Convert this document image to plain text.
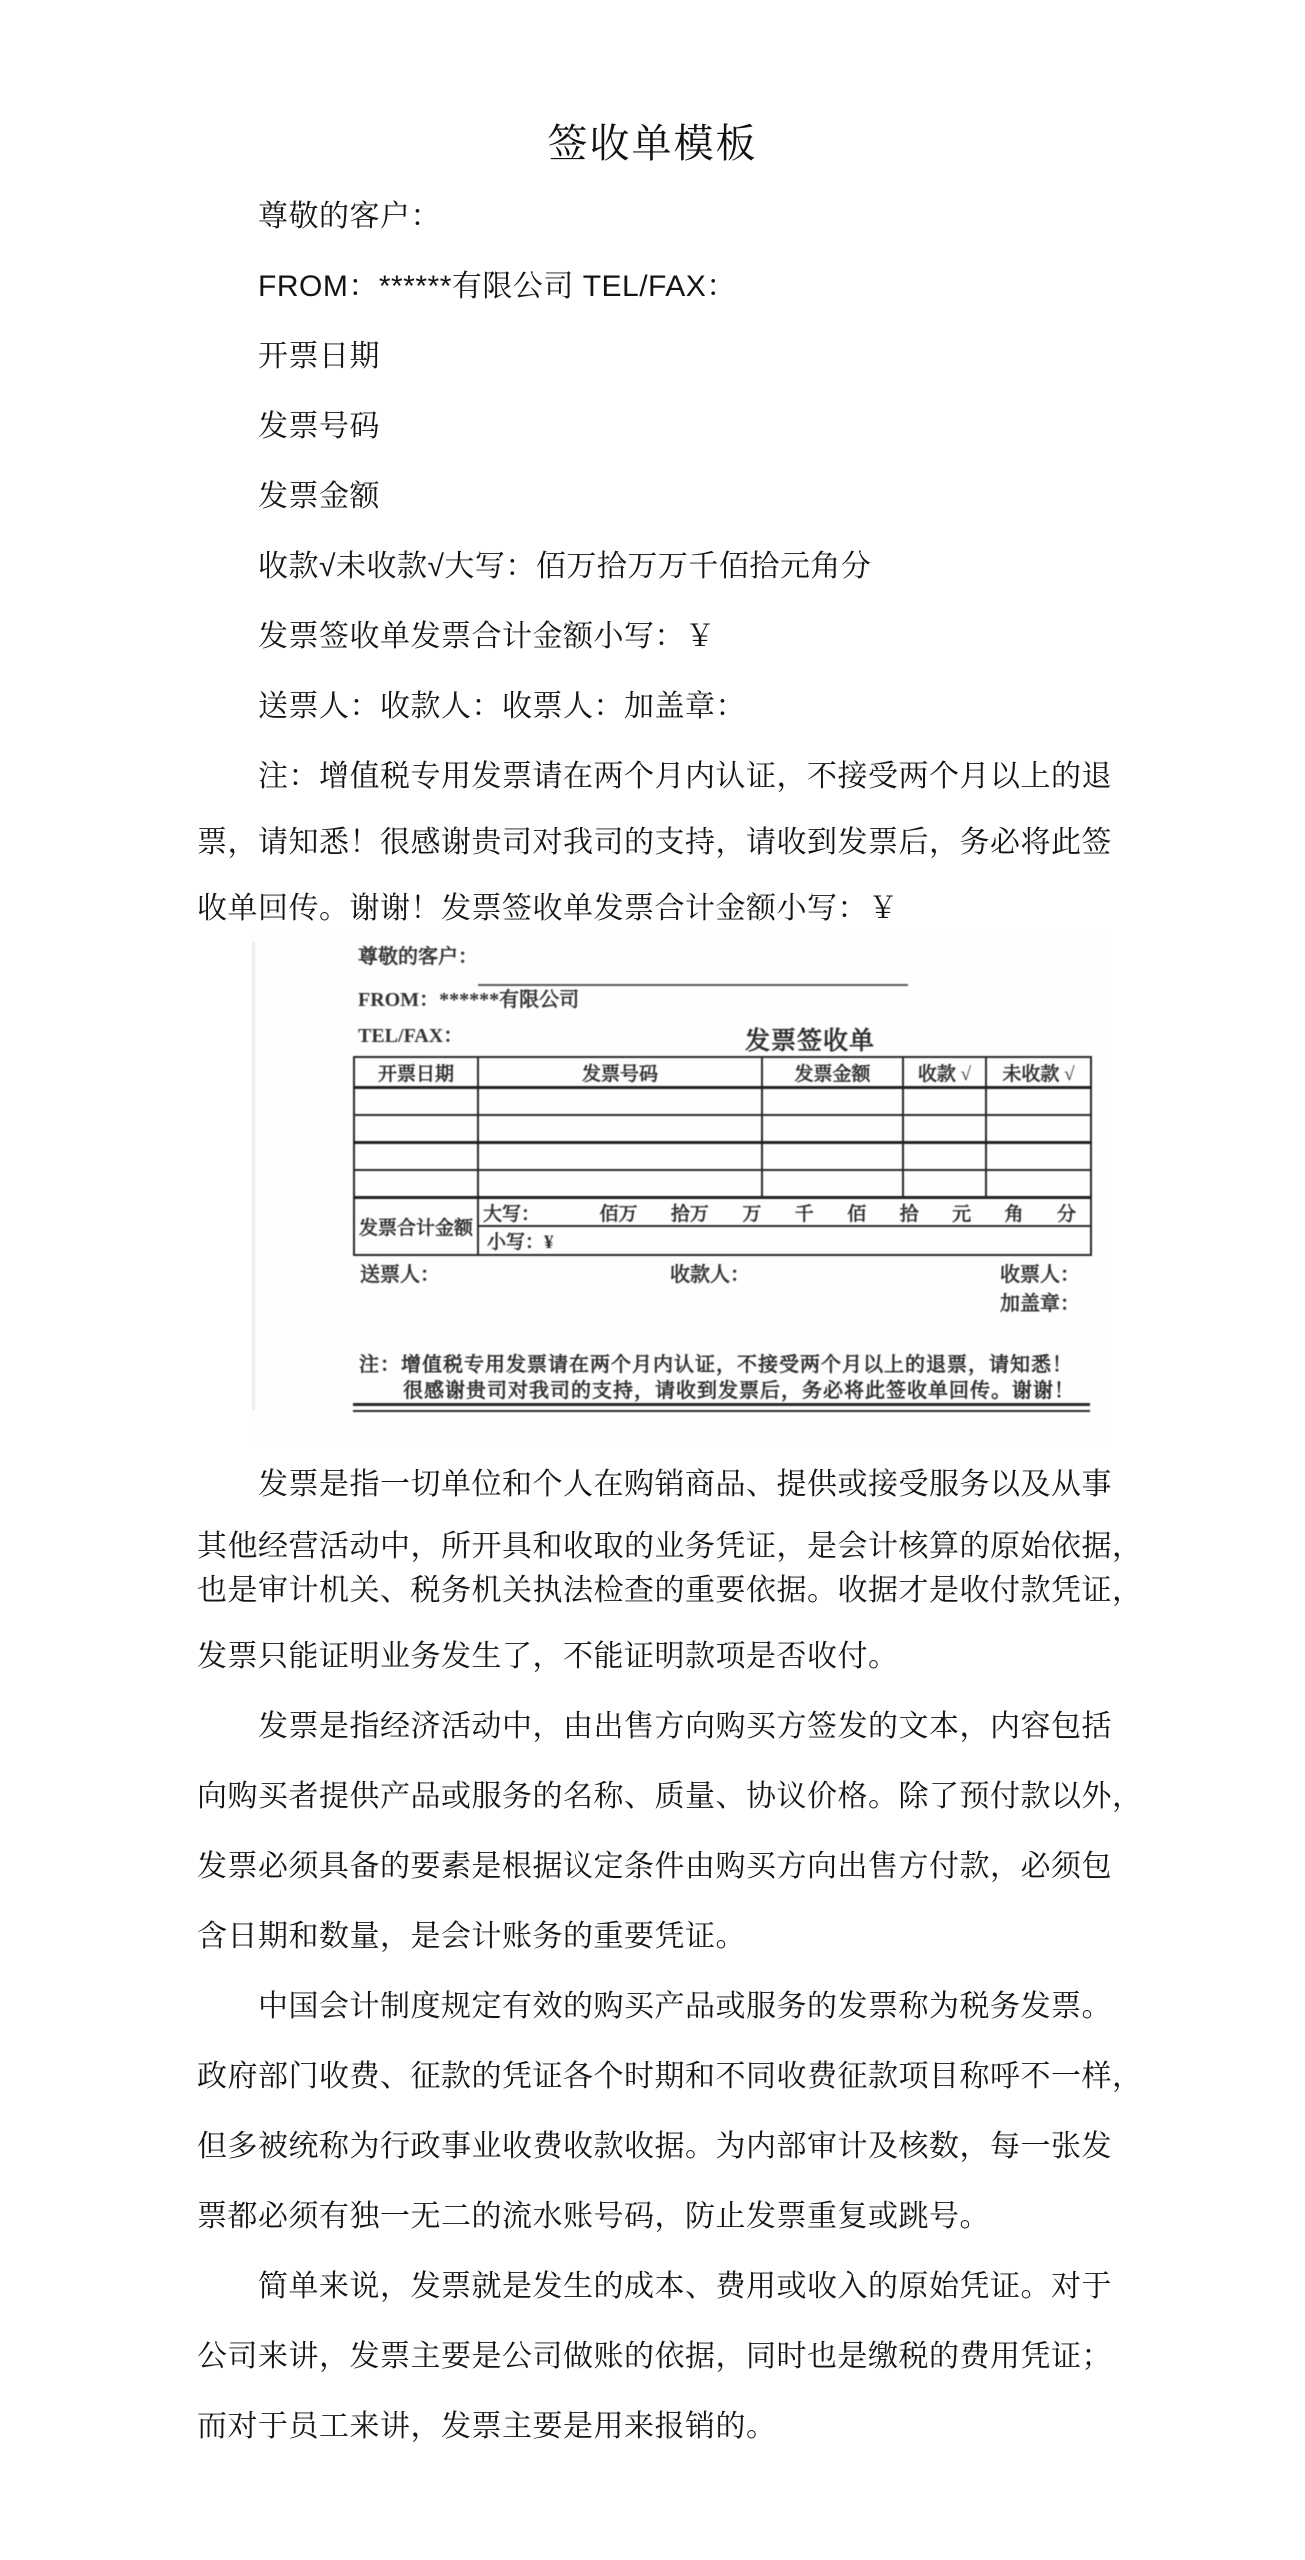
签收单模板
尊敬的客户：
FROM：******有限公司 TEL/FAX：
开票日期
发票号码
发票金额
收款√未收款√大写：佰万拾万万千佰拾元角分
发票签收单发票合计金额小写：￥
送票人：收款人：收票人：加盖章：
注：增值税专用发票请在两个月内认证，不接受两个月以上的退
票，请知悉！很感谢贵司对我司的支持，请收到发票后，务必将此签
收单回传。谢谢！发票签收单发票合计金额小写：￥
尊敬的客户：
FROM：******有限公司
TEL/FAX：	发票签收单
开票日期	发票号码	发票金额	收款 √	未收款 √

发票合计金额	
大写：	佰万 拾万 万 千 佰 拾 元 角 分

	小写：¥			
送票人：	收款人：	收票人：
加盖章：
注：增值税专用发票请在两个月内认证，不接受两个月以上的退票，请知悉！
很感谢贵司对我司的支持，请收到发票后，务必将此签收单回传。谢谢！
发票是指一切单位和个人在购销商品、提供或接受服务以及从事
其他经营活动中，所开具和收取的业务凭证，是会计核算的原始依据，
也是审计机关、税务机关执法检查的重要依据。收据才是收付款凭证，
发票只能证明业务发生了，不能证明款项是否收付。
发票是指经济活动中，由出售方向购买方签发的文本，内容包括
向购买者提供产品或服务的名称、质量、协议价格。除了预付款以外，
发票必须具备的要素是根据议定条件由购买方向出售方付款，必须包
含日期和数量，是会计账务的重要凭证。
中国会计制度规定有效的购买产品或服务的发票称为税务发票。
政府部门收费、征款的凭证各个时期和不同收费征款项目称呼不一样，
但多被统称为行政事业收费收款收据。为内部审计及核数，每一张发
票都必须有独一无二的流水账号码，防止发票重复或跳号。
简单来说，发票就是发生的成本、费用或收入的原始凭证。对于
公司来讲，发票主要是公司做账的依据，同时也是缴税的费用凭证；
而对于员工来讲，发票主要是用来报销的。
